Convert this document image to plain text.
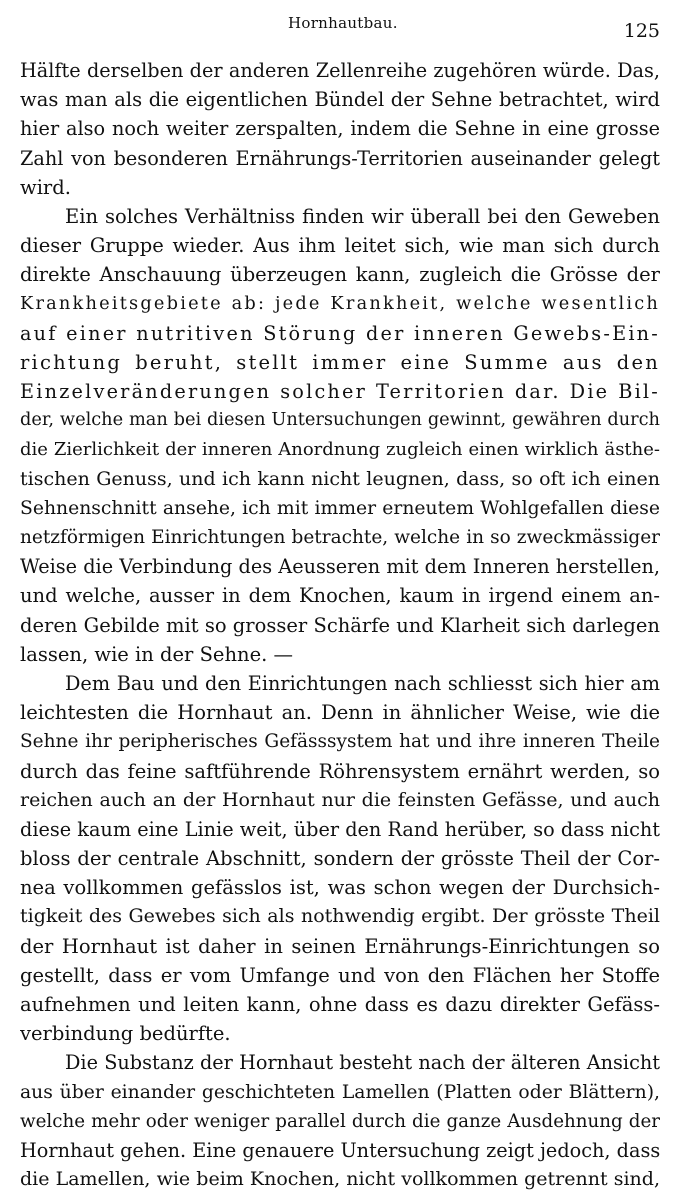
Hornhautbau.	125
Hälfte derselben der anderen Zellenreihe zugehören würde. Das,
was man als die eigentlichen Bündel der Sehne betrachtet, wird
hier also noch weiter zerspalten, indem die Sehne in eine grosse
Zahl von besonderen Ernährungs-Territorien auseinander gelegt
wird.
Ein solches Verhältniss finden wir überall bei den Geweben
dieser Gruppe wieder. Aus ihm leitet sich, wie man sich durch
direkte Anschauung überzeugen kann, zugleich die Grösse der
Krankheitsgebiete ab: jede Krankheit, welche wesentlich
auf einer nutritiven Störung der inneren Gewebs-Ein-
richtung beruht, stellt immer eine Summe aus den
Einzelveränderungen solcher Territorien dar. Die Bil-
der, welche man bei diesen Untersuchungen gewinnt, gewähren durch
die Zierlichkeit der inneren Anordnung zugleich einen wirklich ästhe-
tischen Genuss, und ich kann nicht leugnen, dass, so oft ich einen
Sehnenschnitt ansehe, ich mit immer erneutem Wohlgefallen diese
netzförmigen Einrichtungen betrachte, welche in so zweckmässiger
Weise die Verbindung des Aeusseren mit dem Inneren herstellen,
und welche, ausser in dem Knochen, kaum in irgend einem an-
deren Gebilde mit so grosser Schärfe und Klarheit sich darlegen
lassen, wie in der Sehne. —
Dem Bau und den Einrichtungen nach schliesst sich hier am
leichtesten die Hornhaut an. Denn in ähnlicher Weise, wie die
Sehne ihr peripherisches Gefässsystem hat und ihre inneren Theile
durch das feine saftführende Röhrensystem ernährt werden, so
reichen auch an der Hornhaut nur die feinsten Gefässe, und auch
diese kaum eine Linie weit, über den Rand herüber, so dass nicht
bloss der centrale Abschnitt, sondern der grösste Theil der Cor-
nea vollkommen gefässlos ist, was schon wegen der Durchsich-
tigkeit des Gewebes sich als nothwendig ergibt. Der grösste Theil
der Hornhaut ist daher in seinen Ernährungs-Einrichtungen so
gestellt, dass er vom Umfange und von den Flächen her Stoffe
aufnehmen und leiten kann, ohne dass es dazu direkter Gefäss-
verbindung bedürfte.
Die Substanz der Hornhaut besteht nach der älteren Ansicht
aus über einander geschichteten Lamellen (Platten oder Blättern),
welche mehr oder weniger parallel durch die ganze Ausdehnung der
Hornhaut gehen. Eine genauere Untersuchung zeigt jedoch, dass
die Lamellen, wie beim Knochen, nicht vollkommen getrennt sind,
